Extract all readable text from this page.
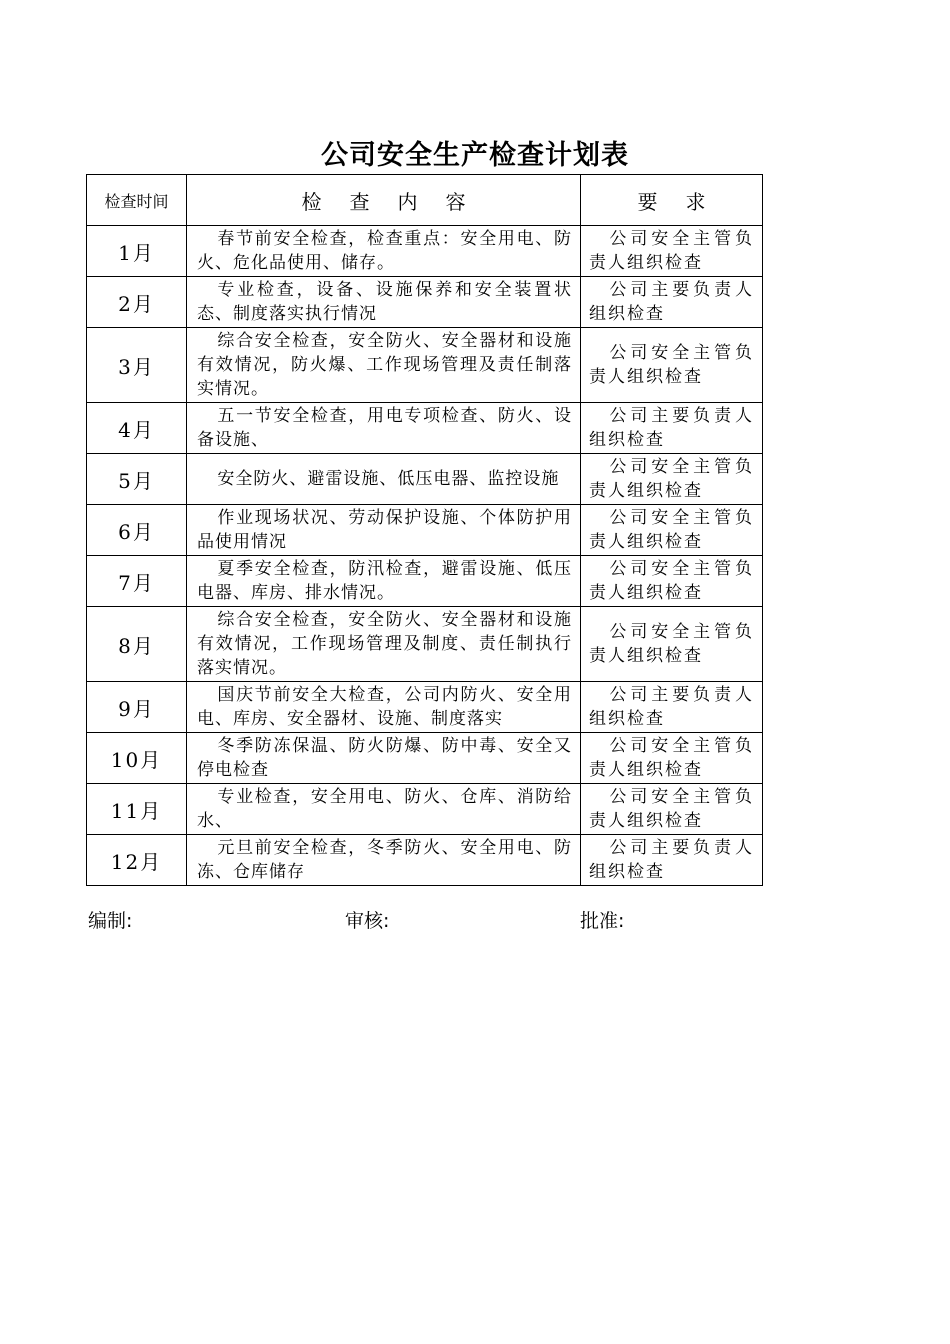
公司安全生产检查计划表
检查时间	检查内容	要求
1月	春节前安全检查，检查重点：安全用电、防火、危化品使用、储存。	公司安全主管负责人组织检查
2月	专业检查，设备、设施保养和安全装置状态、制度落实执行情况	公司主要负责人组织检查
3月	综合安全检查，安全防火、安全器材和设施有效情况，防火爆、工作现场管理及责任制落实情况。	公司安全主管负责人组织检查
4月	五一节安全检查，用电专项检查、防火、设备设施、	公司主要负责人组织检查
5月	安全防火、避雷设施、低压电器、监控设施	公司安全主管负责人组织检查
6月	作业现场状况、劳动保护设施、个体防护用品使用情况	公司安全主管负责人组织检查
7月	夏季安全检查，防汛检查，避雷设施、低压电器、库房、排水情况。	公司安全主管负责人组织检查
8月	综合安全检查，安全防火、安全器材和设施有效情况，工作现场管理及制度、责任制执行落实情况。	公司安全主管负责人组织检查
9月	国庆节前安全大检查，公司内防火、安全用电、库房、安全器材、设施、制度落实	公司主要负责人组织检查
10月	冬季防冻保温、防火防爆、防中毒、安全又停电检查	公司安全主管负责人组织检查
11月	专业检查，安全用电、防火、仓库、消防给水、	公司安全主管负责人组织检查
12月	元旦前安全检查，冬季防火、安全用电、防冻、仓库储存	公司主要负责人组织检查
编制:	审核:	批准:
